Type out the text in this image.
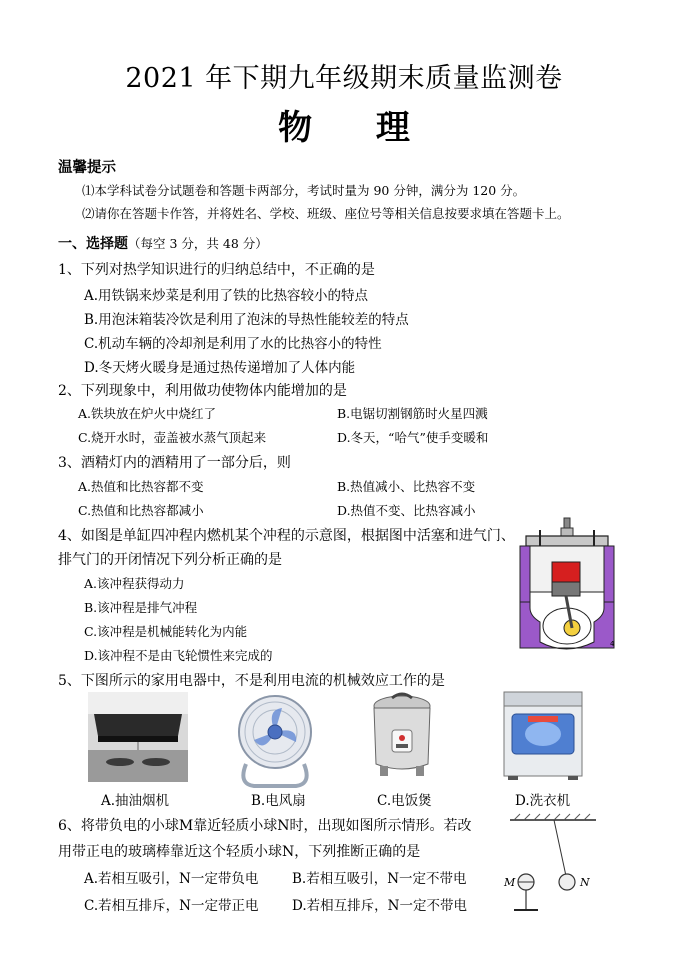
2021 年下期九年级期末质量监测卷
物 理
温馨提示
⑴本学科试卷分试题卷和答题卡两部分，考试时量为 90 分钟，满分为 120 分。
⑵请你在答题卡作答，并将姓名、学校、班级、座位号等相关信息按要求填在答题卡上。
一、选择题（每空 3 分，共 48 分）
1、下列对热学知识进行的归纳总结中，不正确的是
A.用铁锅来炒菜是利用了铁的比热容较小的特点
B.用泡沫箱装冷饮是利用了泡沫的导热性能较差的特点
C.机动车辆的冷却剂是利用了水的比热容小的特性
D.冬天烤火暖身是通过热传递增加了人体内能
2、下列现象中，利用做功使物体内能增加的是
A.铁块放在炉火中烧红了	B.电锯切割钢筋时火星四溅
C.烧开水时，壶盖被水蒸气顶起来	D.冬天，“哈气”使手变暖和
3、酒精灯内的酒精用了一部分后，则
A.热值和比热容都不变	B.热值减小、比热容不变
C.热值和比热容都减小	D.热值不变、比热容减小
4、如图是单缸四冲程内燃机某个冲程的示意图，根据图中活塞和进气门、
排气门的开闭情况下列分析正确的是
A.该冲程获得动力
B.该冲程是排气冲程
C.该冲程是机械能转化为内能
D.该冲程不是由飞轮惯性来完成的
4
5、下图所示的家用电器中，不是利用电流的机械效应工作的是
A.抽油烟机	B.电风扇	C.电饭煲	D.洗衣机
6、将带负电的小球M靠近轻质小球N时，出现如图所示情形。若改
用带正电的玻璃棒靠近这个轻质小球N，下列推断正确的是
A.若相互吸引，N一定带负电 B.若相互吸引，N一定不带电
C.若相互排斥，N一定带正电 D.若相互排斥，N一定不带电
N
M
